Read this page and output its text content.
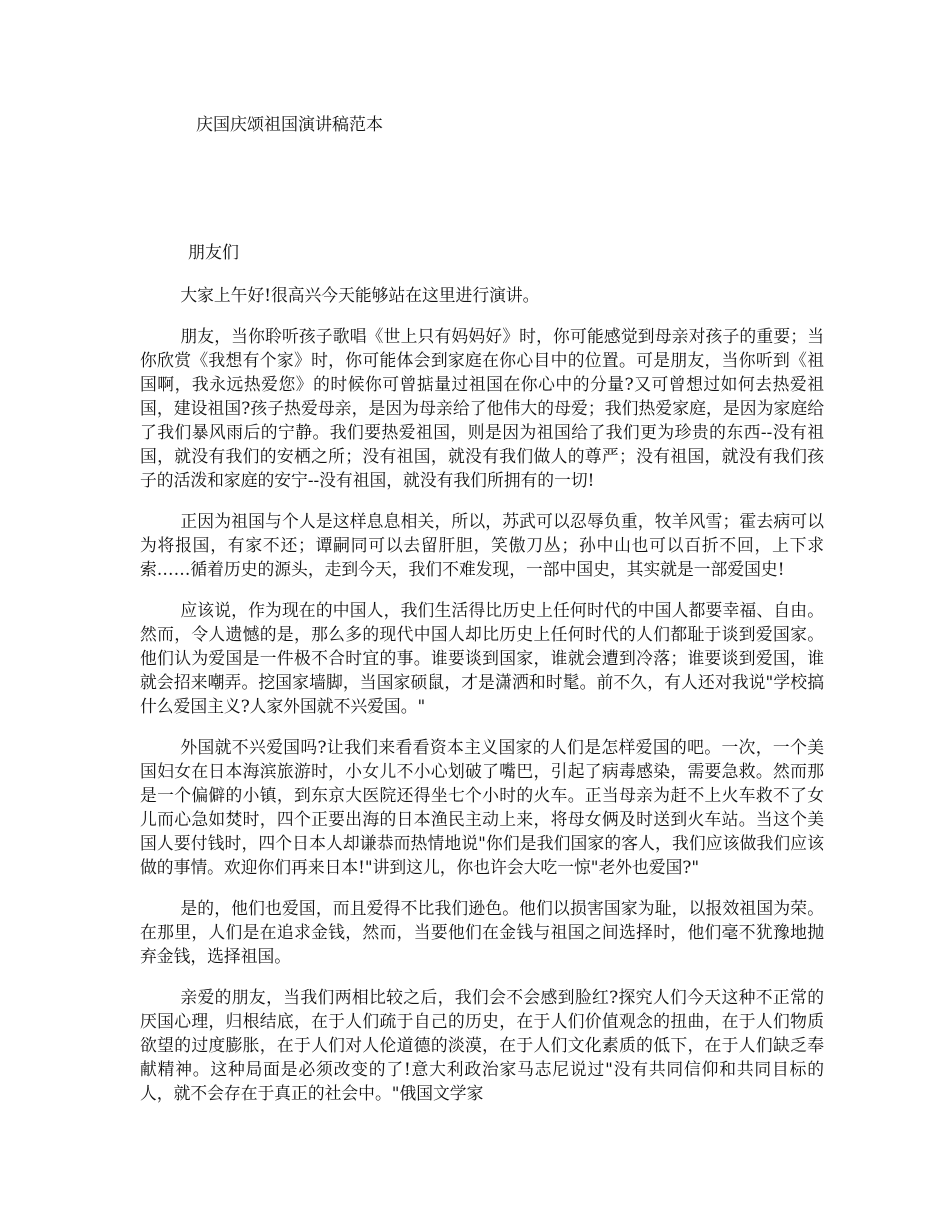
庆国庆颂祖国演讲稿范本
朋友们

大家上午好!很高兴今天能够站在这里进行演讲。

朋友，当你聆听孩子歌唱《世上只有妈妈好》时，你可能感觉到母亲对孩子的重要；当你欣赏《我想有个家》时，你可能体会到家庭在你心目中的位置。可是朋友，当你听到《祖国啊，我永远热爱您》的时候你可曾掂量过祖国在你心中的分量?又可曾想过如何去热爱祖国，建设祖国?孩子热爱母亲，是因为母亲给了他伟大的母爱；我们热爱家庭，是因为家庭给了我们暴风雨后的宁静。我们要热爱祖国，则是因为祖国给了我们更为珍贵的东西--没有祖国，就没有我们的安栖之所；没有祖国，就没有我们做人的尊严；没有祖国，就没有我们孩子的活泼和家庭的安宁--没有祖国，就没有我们所拥有的一切!

正因为祖国与个人是这样息息相关，所以，苏武可以忍辱负重，牧羊风雪；霍去病可以为将报国，有家不还；谭嗣同可以去留肝胆，笑傲刀丛；孙中山也可以百折不回，上下求索……循着历史的源头，走到今天，我们不难发现，一部中国史，其实就是一部爱国史!

应该说，作为现在的中国人，我们生活得比历史上任何时代的中国人都要幸福、自由。然而，令人遗憾的是，那么多的现代中国人却比历史上任何时代的人们都耻于谈到爱国家。他们认为爱国是一件极不合时宜的事。谁要谈到国家，谁就会遭到冷落；谁要谈到爱国，谁就会招来嘲弄。挖国家墙脚，当国家硕鼠，才是潇洒和时髦。前不久，有人还对我说"学校搞什么爱国主义?人家外国就不兴爱国。"

外国就不兴爱国吗?让我们来看看资本主义国家的人们是怎样爱国的吧。一次，一个美国妇女在日本海滨旅游时，小女儿不小心划破了嘴巴，引起了病毒感染，需要急救。然而那是一个偏僻的小镇，到东京大医院还得坐七个小时的火车。正当母亲为赶不上火车救不了女儿而心急如焚时，四个正要出海的日本渔民主动上来，将母女俩及时送到火车站。当这个美国人要付钱时，四个日本人却谦恭而热情地说"你们是我们国家的客人，我们应该做我们应该做的事情。欢迎你们再来日本!"讲到这儿，你也许会大吃一惊"老外也爱国?"

是的，他们也爱国，而且爱得不比我们逊色。他们以损害国家为耻，以报效祖国为荣。在那里，人们是在追求金钱，然而，当要他们在金钱与祖国之间选择时，他们毫不犹豫地抛弃金钱，选择祖国。

亲爱的朋友，当我们两相比较之后，我们会不会感到脸红?探究人们今天这种不正常的厌国心理，归根结底，在于人们疏于自己的历史，在于人们价值观念的扭曲，在于人们物质欲望的过度膨胀，在于人们对人伦道德的淡漠，在于人们文化素质的低下，在于人们缺乏奉献精神。这种局面是必须改变的了!意大利政治家马志尼说过"没有共同信仰和共同目标的人，就不会存在于真正的社会中。"俄国文学家
